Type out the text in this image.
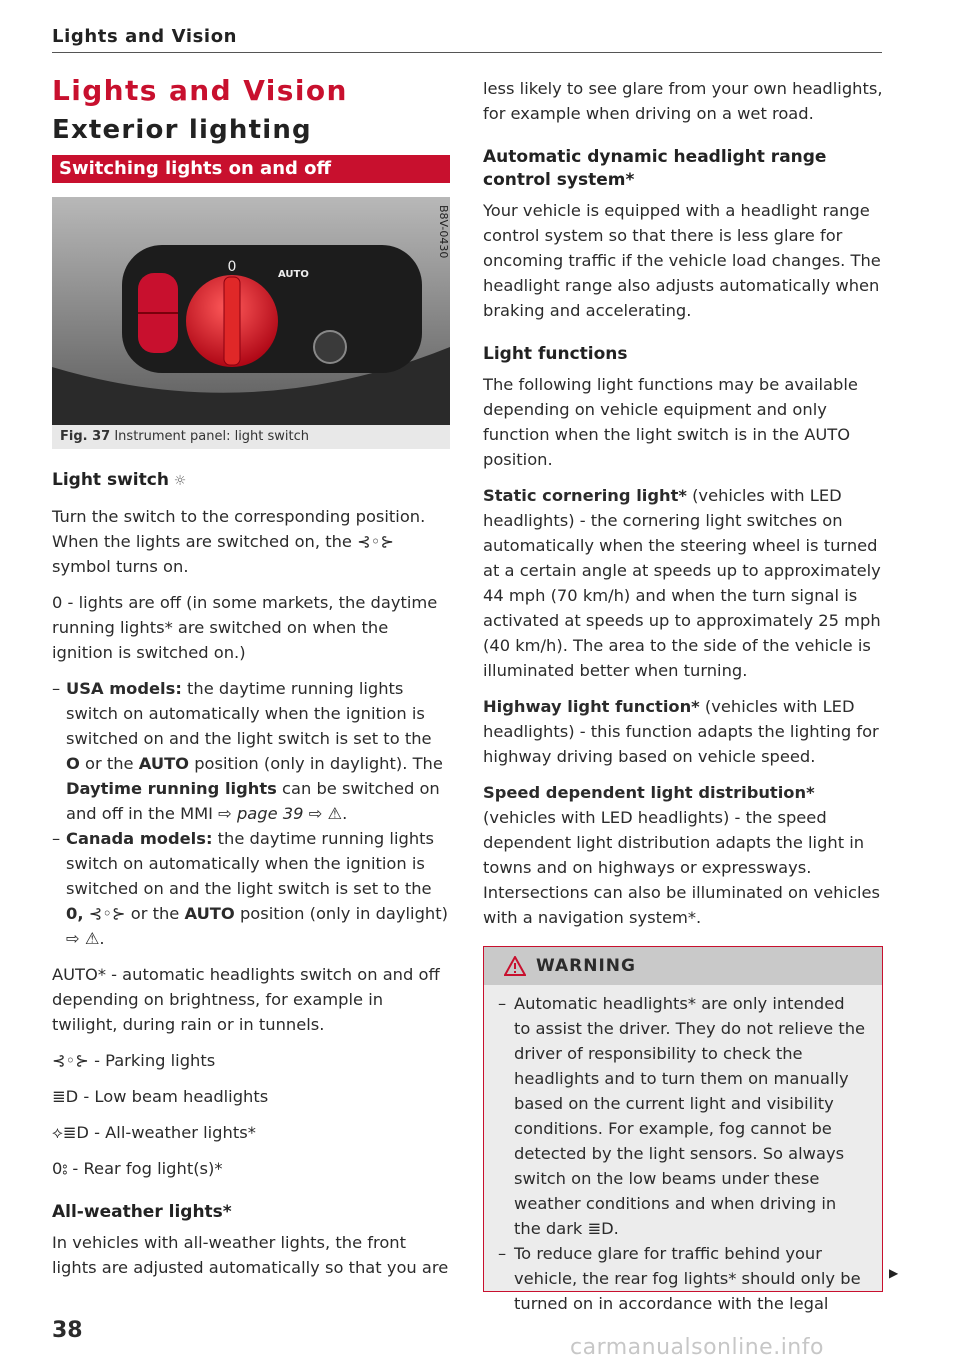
Lights and Vision
Lights and Vision
Exterior lighting
Switching lights on and off
0	AUTO
B8V-0430
Fig. 37 Instrument panel: light switch
Light switch ☼

Turn the switch to the corresponding position. When the lights are switched on, the ⊰◦⊱ symbol turns on.

0 - lights are off (in some markets, the daytime running lights* are switched on when the ignition is switched on.)

– USA models: the daytime running lights switch on automatically when the ignition is switched on and the light switch is set to the O or the AUTO position (only in daylight). The Daytime running lights can be switched on and off in the MMI ⇨ page 39 ⇨ ⚠.
– Canada models: the daytime running lights switch on automatically when the ignition is switched on and the light switch is set to the 0, ⊰◦⊱ or the AUTO position (only in daylight) ⇨ ⚠.

AUTO* - automatic headlights switch on and off depending on brightness, for example in twilight, during rain or in tunnels.

⊰◦⊱ - Parking lights

≣D - Low beam headlights

⟡≣D - All-weather lights*

0⦂ - Rear fog light(s)*

All-weather lights*

In vehicles with all-weather lights, the front lights are adjusted automatically so that you are

less likely to see glare from your own headlights, for example when driving on a wet road.

Automatic dynamic headlight range control system*

Your vehicle is equipped with a headlight range control system so that there is less glare for oncoming traffic if the vehicle load changes. The headlight range also adjusts automatically when braking and accelerating.

Light functions

The following light functions may be available depending on vehicle equipment and only function when the light switch is in the AUTO position.

Static cornering light* (vehicles with LED headlights) - the cornering light switches on automatically when the steering wheel is turned at a certain angle at speeds up to approximately 44 mph (70 km/h) and when the turn signal is activated at speeds up to approximately 25 mph (40 km/h). The area to the side of the vehicle is illuminated better when turning.

Highway light function* (vehicles with LED headlights) - this function adapts the lighting for highway driving based on vehicle speed.

Speed dependent light distribution* (vehicles with LED headlights) - the speed dependent light distribution adapts the light in towns and on highways or expressways. Intersections can also be illuminated on vehicles with a navigation system*.

WARNING
– Automatic headlights* are only intended to assist the driver. They do not relieve the driver of responsibility to check the headlights and to turn them on manually based on the current light and visibility conditions. For example, fog cannot be detected by the light sensors. So always switch on the low beams under these weather conditions and when driving in the dark ≣D.
– To reduce glare for traffic behind your vehicle, the rear fog lights* should only be turned on in accordance with the legal
▶
38
carmanualsonline.info
